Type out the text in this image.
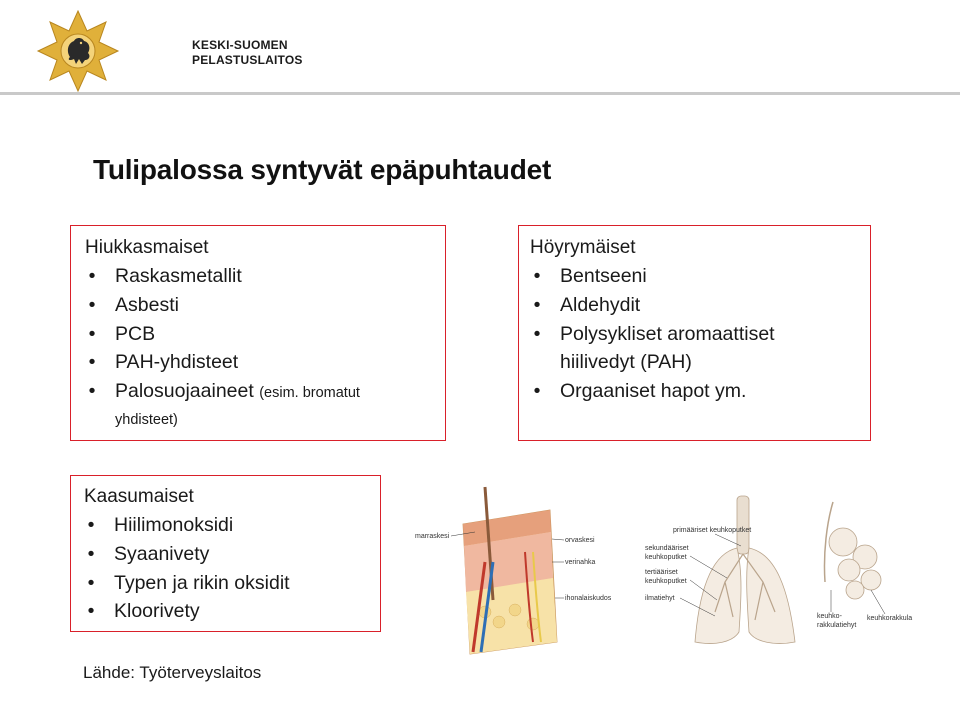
KESKI-SUOMEN
PELASTUSLAITOS
Tulipalossa syntyvät epäpuhtaudet
Hiukkasmaiset
• Raskasmetallit
• Asbesti
• PCB
• PAH-yhdisteet
• Palosuojaaineet (esim. bromatut
yhdisteet)
Höyrymäiset
• Bentseeni
• Aldehydit
• Polysykliset aromaattiset
hiilivedyt (PAH)
• Orgaaniset hapot ym.
Kaasumaiset
• Hiilimonoksidi
• Syaanivety
• Typen ja rikin oksidit
• Kloorivety
marraskesi
orvaskesi
verinahka
ihonalaiskudos
primääriset keuhkoputket
sekundääriset
keuhkoputket
tertiääriset
keuhkoputket
ilmatiehyt
keuhko-
rakkulatiehyt
keuhkorakkula
Lähde: Työterveyslaitos
